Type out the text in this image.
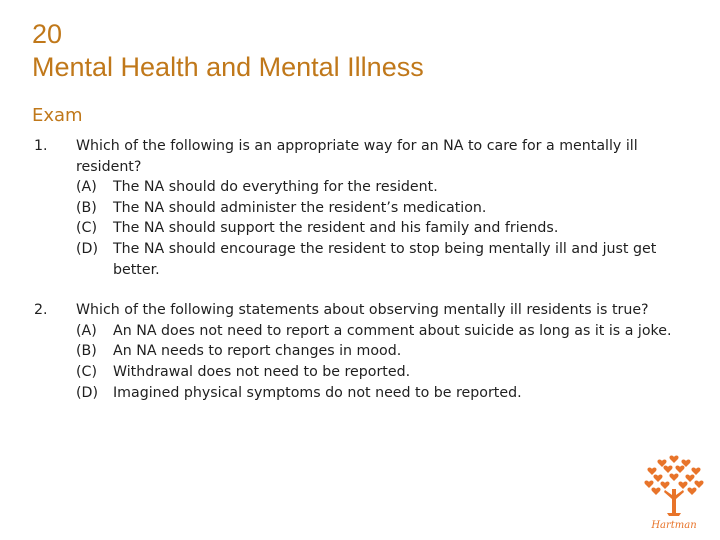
20
Mental Health and Mental Illness
Exam
1.	Which of the following is an appropriate way for an NA to care for a mentally ill resident?
(A)	The NA should do everything for the resident.
(B)	The NA should administer the resident’s medication.
(C)	The NA should support the resident and his family and friends.
(D)	The NA should encourage the resident to stop being mentally ill and just get better.
2.	Which of the following statements about observing mentally ill residents is true?
(A)	An NA does not need to report a comment about suicide as long as it is a joke.
(B)	An NA needs to report changes in mood.
(C)	Withdrawal does not need to be reported.
(D)	Imagined physical symptoms do not need to be reported.
Hartman
